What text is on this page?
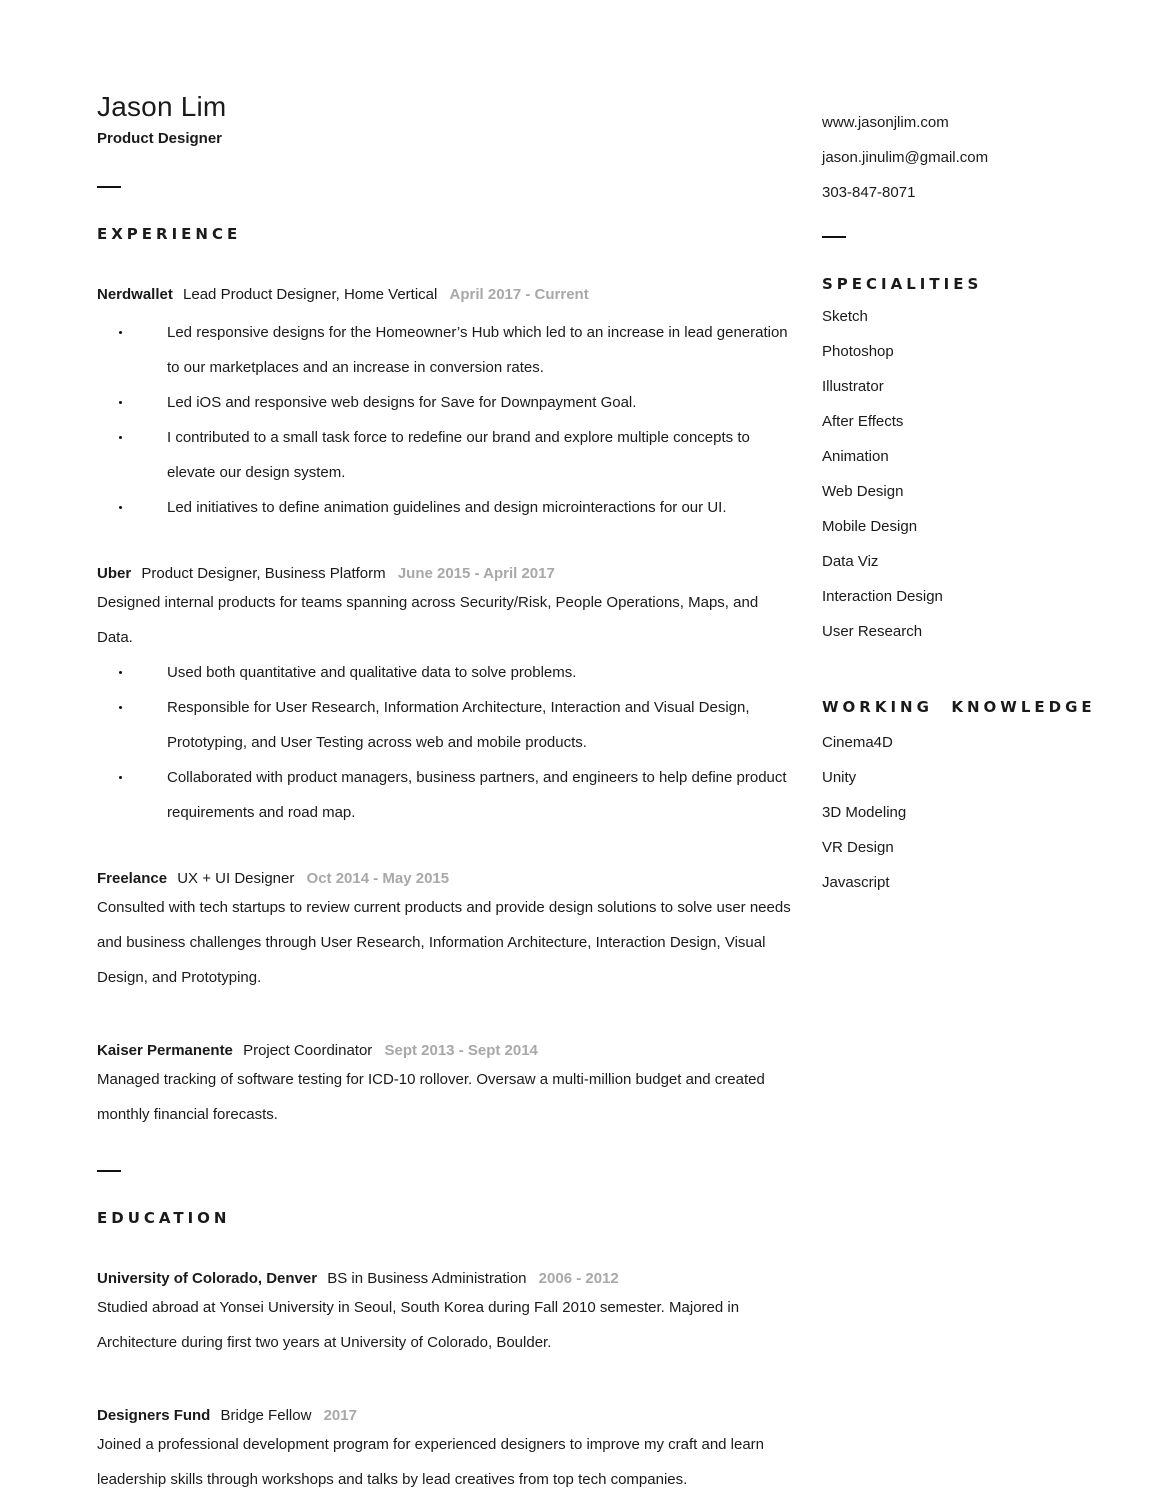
Jason Lim
Product Designer
EXPERIENCE
Nerdwallet Lead Product Designer, Home Vertical April 2017 - Current
Led responsive designs for the Homeowner’s Hub which led to an increase in lead generation to our marketplaces and an increase in conversion rates.
Led iOS and responsive web designs for Save for Downpayment Goal.
I contributed to a small task force to redefine our brand and explore multiple concepts to elevate our design system.
Led initiatives to define animation guidelines and design microinteractions for our UI.
Uber Product Designer, Business Platform June 2015 - April 2017

Designed internal products for teams spanning across Security/Risk, People Operations, Maps, and Data.

Used both quantitative and qualitative data to solve problems.
Responsible for User Research, Information Architecture, Interaction and Visual Design, Prototyping, and User Testing across web and mobile products.
Collaborated with product managers, business partners, and engineers to help define product requirements and road map.
Freelance UX + UI Designer Oct 2014 - May 2015

Consulted with tech startups to review current products and provide design solutions to solve user needs and business challenges through User Research, Information Architecture, Interaction Design, Visual Design, and Prototyping.

Kaiser Permanente Project Coordinator Sept 2013 - Sept 2014

Managed tracking of software testing for ICD-10 rollover. Oversaw a multi-million budget and created monthly financial forecasts.

EDUCATION
University of Colorado, Denver BS in Business Administration 2006 - 2012

Studied abroad at Yonsei University in Seoul, South Korea during Fall 2010 semester. Majored in Architecture during first two years at University of Colorado, Boulder.

Designers Fund Bridge Fellow 2017

Joined a professional development program for experienced designers to improve my craft and learn leadership skills through workshops and talks by lead creatives from top tech companies.

www.jasonjlim.com
jason.jinulim@gmail.com
303-847-8071
SPECIALITIES
Sketch
Photoshop
Illustrator
After Effects
Animation
Web Design
Mobile Design
Data Viz
Interaction Design
User Research
WORKING  KNOWLEDGE
Cinema4D
Unity
3D Modeling
VR Design
Javascript
